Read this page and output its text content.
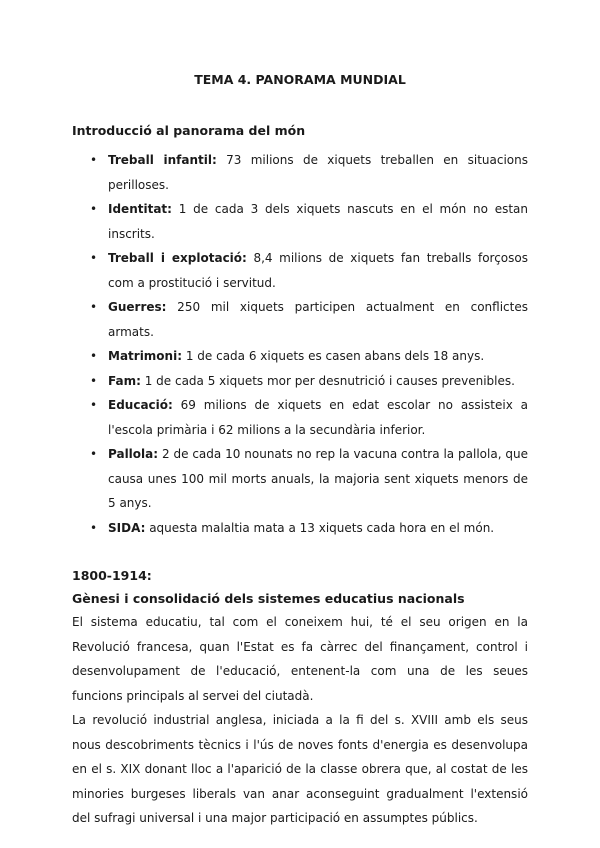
TEMA 4. PANORAMA MUNDIAL
Introducció al panorama del món
• Treball infantil: 73 milions de xiquets treballen en situacions perilloses.
• Identitat: 1 de cada 3 dels xiquets nascuts en el món no estan inscrits.
• Treball i explotació: 8,4 milions de xiquets fan treballs forçosos com a prostitució i servitud.
• Guerres: 250 mil xiquets participen actualment en conflictes armats.
• Matrimoni: 1 de cada 6 xiquets es casen abans dels 18 anys.
• Fam: 1 de cada 5 xiquets mor per desnutrició i causes prevenibles.
• Educació: 69 milions de xiquets en edat escolar no assisteix a l'escola primària i 62 milions a la secundària inferior.
• Pallola: 2 de cada 10 nounats no rep la vacuna contra la pallola, que causa unes 100 mil morts anuals, la majoria sent xiquets menors de 5 anys.
• SIDA: aquesta malaltia mata a 13 xiquets cada hora en el món.
1800-1914:
Gènesi i consolidació dels sistemes educatius nacionals

El sistema educatiu, tal com el coneixem hui, té el seu origen en la Revolució francesa, quan l'Estat es fa càrrec del finançament, control i desenvolupament de l'educació, entenent-la com una de les seues funcions principals al servei del ciutadà.

La revolució industrial anglesa, iniciada a la fi del s. XVIII amb els seus nous descobriments tècnics i l'ús de noves fonts d'energia es desenvolupa en el s. XIX donant lloc a l'aparició de la classe obrera que, al costat de les minories burgeses liberals van anar aconseguint gradualment l'extensió del sufragi universal i una major participació en assumptes públics.
